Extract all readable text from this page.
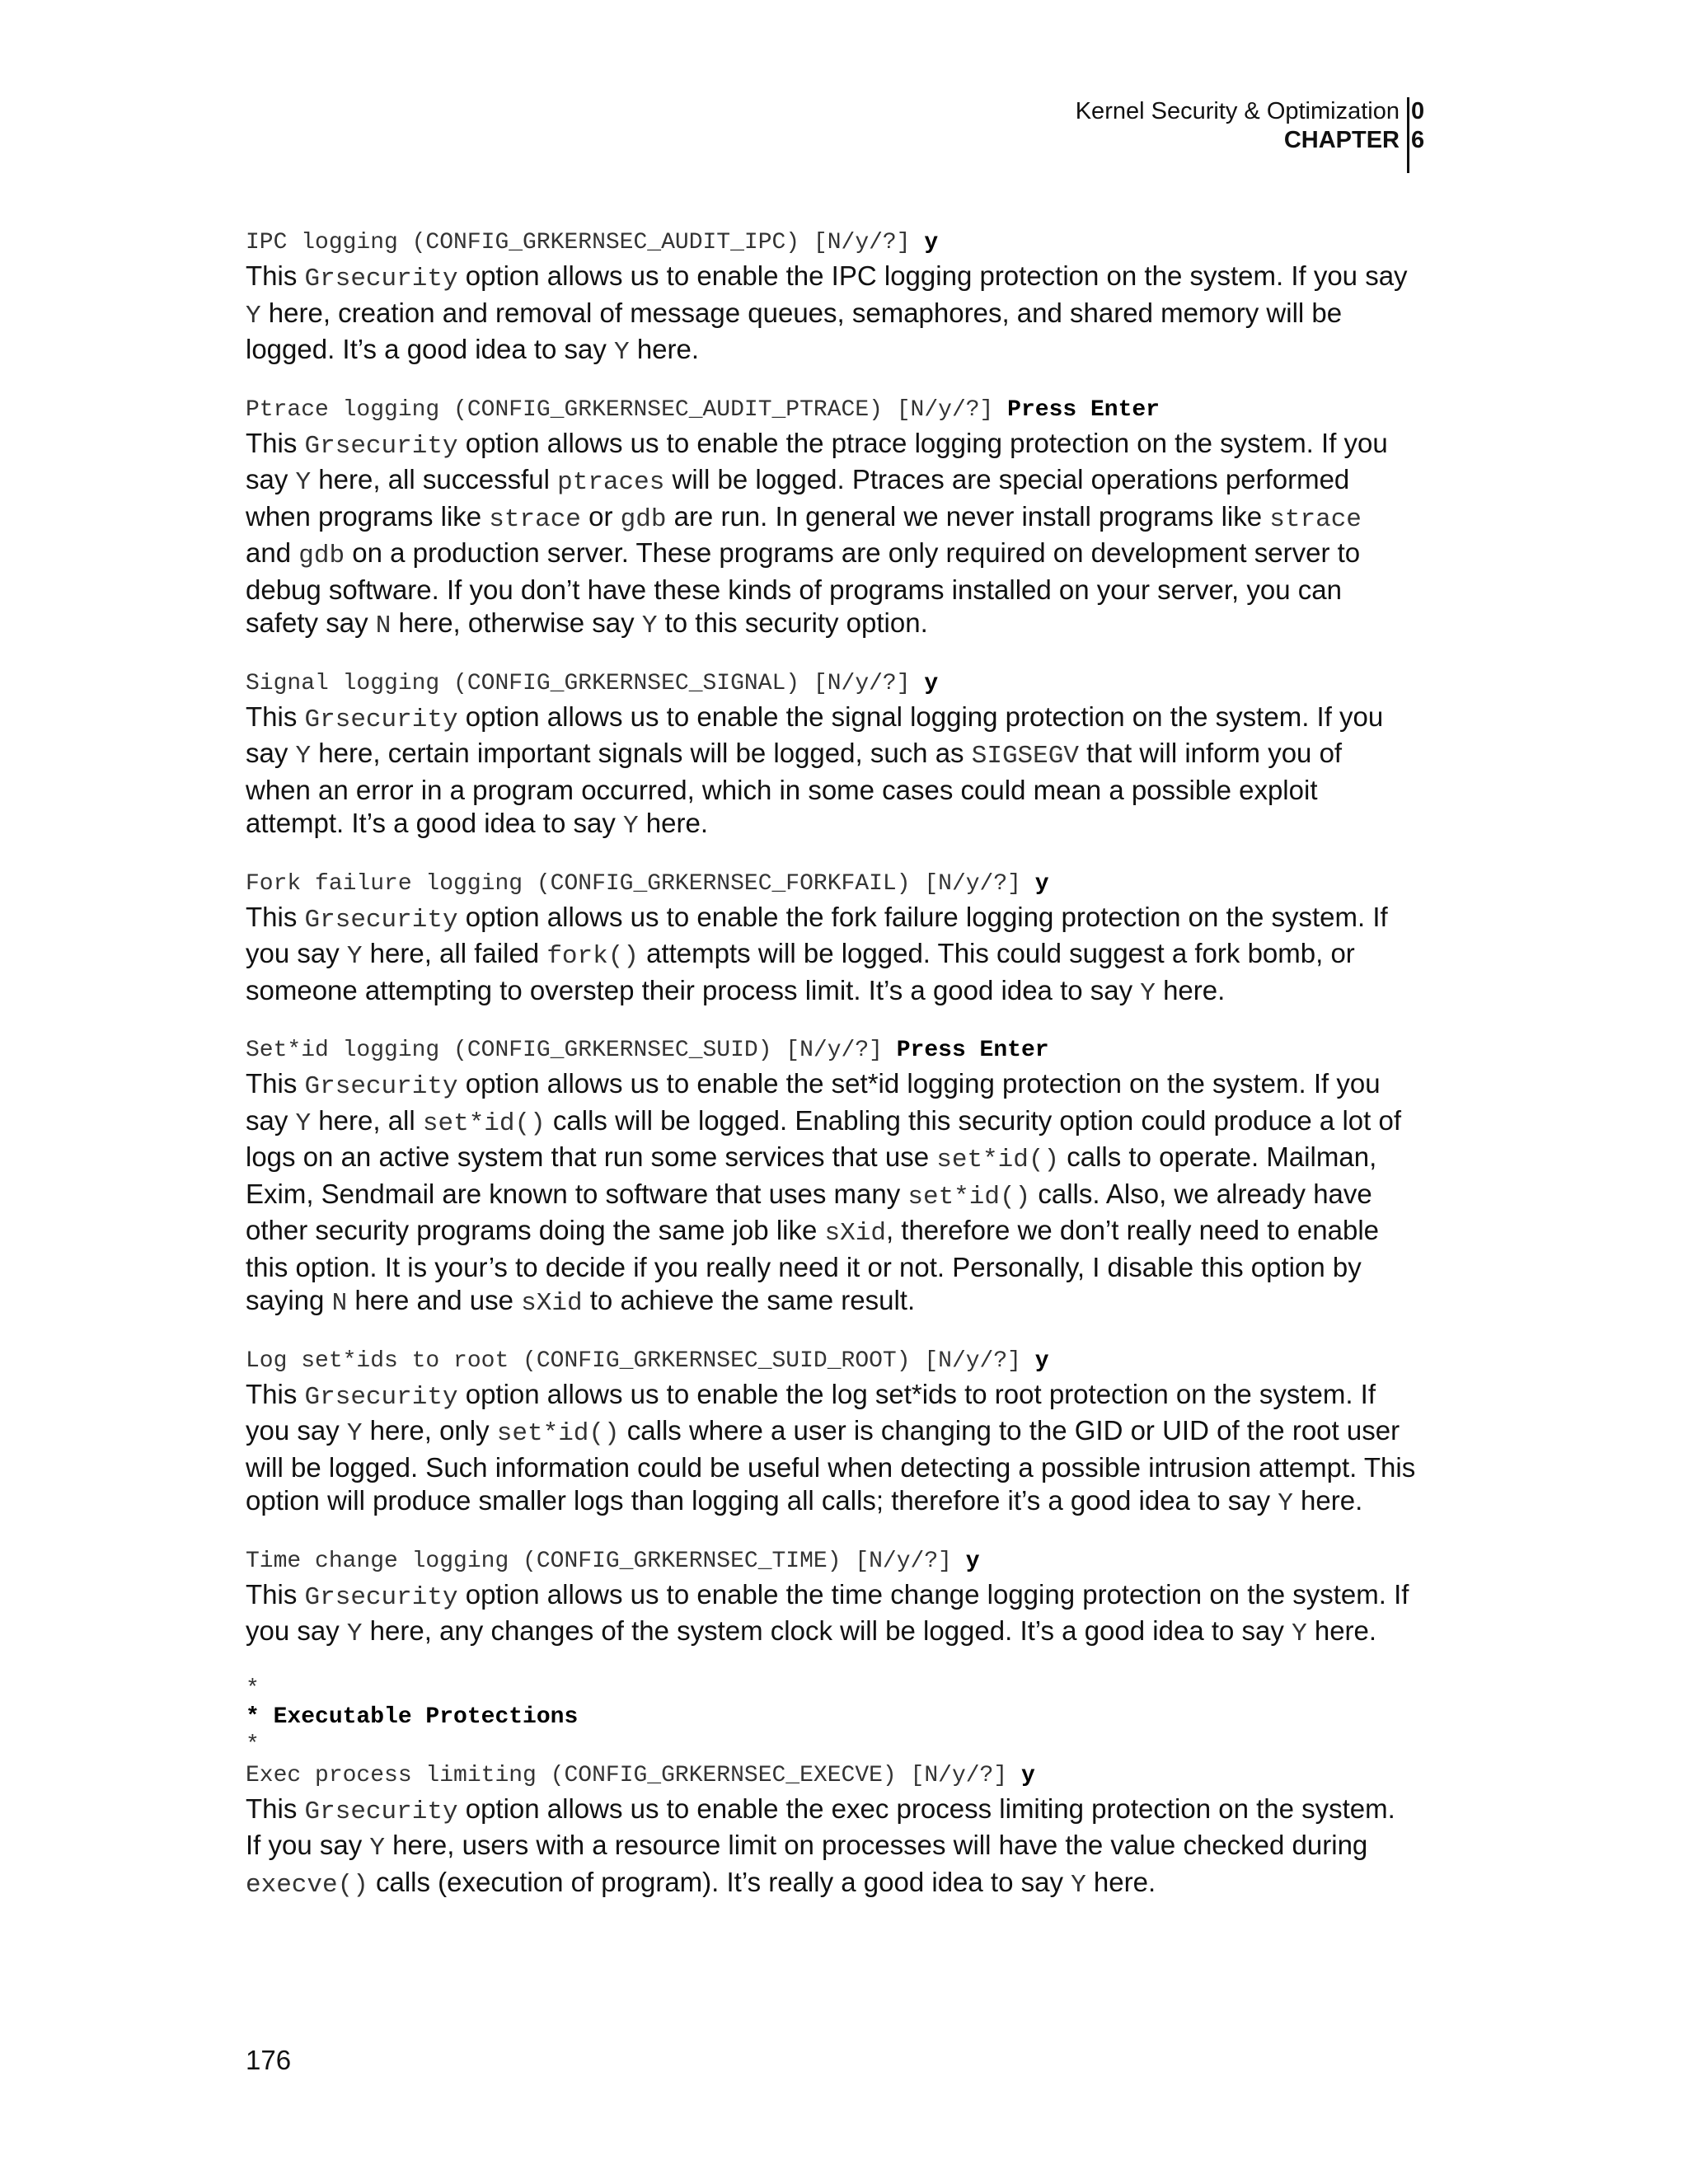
Kernel Security & Optimization
CHAPTER
0
6
IPC logging (CONFIG_GRKERNSEC_AUDIT_IPC) [N/y/?] y

This Grsecurity option allows us to enable the IPC logging protection on the system. If you say
Y here, creation and removal of message queues, semaphores, and shared memory will be
logged. It’s a good idea to say Y here.

Ptrace logging (CONFIG_GRKERNSEC_AUDIT_PTRACE) [N/y/?] Press Enter

This Grsecurity option allows us to enable the ptrace logging protection on the system. If you
say Y here, all successful ptraces will be logged. Ptraces are special operations performed
when programs like strace or gdb are run. In general we never install programs like strace
and gdb on a production server. These programs are only required on development server to
debug software. If you don’t have these kinds of programs installed on your server, you can
safety say N here, otherwise say Y to this security option.

Signal logging (CONFIG_GRKERNSEC_SIGNAL) [N/y/?] y

This Grsecurity option allows us to enable the signal logging protection on the system. If you
say Y here, certain important signals will be logged, such as SIGSEGV that will inform you of
when an error in a program occurred, which in some cases could mean a possible exploit
attempt. It’s a good idea to say Y here.

Fork failure logging (CONFIG_GRKERNSEC_FORKFAIL) [N/y/?] y

This Grsecurity option allows us to enable the fork failure logging protection on the system. If
you say Y here, all failed fork() attempts will be logged. This could suggest a fork bomb, or
someone attempting to overstep their process limit. It’s a good idea to say Y here.

Set*id logging (CONFIG_GRKERNSEC_SUID) [N/y/?] Press Enter

This Grsecurity option allows us to enable the set*id logging protection on the system. If you
say Y here, all set*id() calls will be logged. Enabling this security option could produce a lot of
logs on an active system that run some services that use set*id() calls to operate. Mailman,
Exim, Sendmail are known to software that uses many set*id() calls. Also, we already have
other security programs doing the same job like sXid, therefore we don’t really need to enable
this option. It is your’s to decide if you really need it or not. Personally, I disable this option by
saying N here and use sXid to achieve the same result.

Log set*ids to root (CONFIG_GRKERNSEC_SUID_ROOT) [N/y/?] y

This Grsecurity option allows us to enable the log set*ids to root protection on the system. If
you say Y here, only set*id() calls where a user is changing to the GID or UID of the root user
will be logged. Such information could be useful when detecting a possible intrusion attempt. This
option will produce smaller logs than logging all calls; therefore it’s a good idea to say Y here.

Time change logging (CONFIG_GRKERNSEC_TIME) [N/y/?] y

This Grsecurity option allows us to enable the time change logging protection on the system. If
you say Y here, any changes of the system clock will be logged. It’s a good idea to say Y here.

*
* Executable Protections
*
Exec process limiting (CONFIG_GRKERNSEC_EXECVE) [N/y/?] y

This Grsecurity option allows us to enable the exec process limiting protection on the system.
If you say Y here, users with a resource limit on processes will have the value checked during
execve() calls (execution of program). It’s really a good idea to say Y here.

176
